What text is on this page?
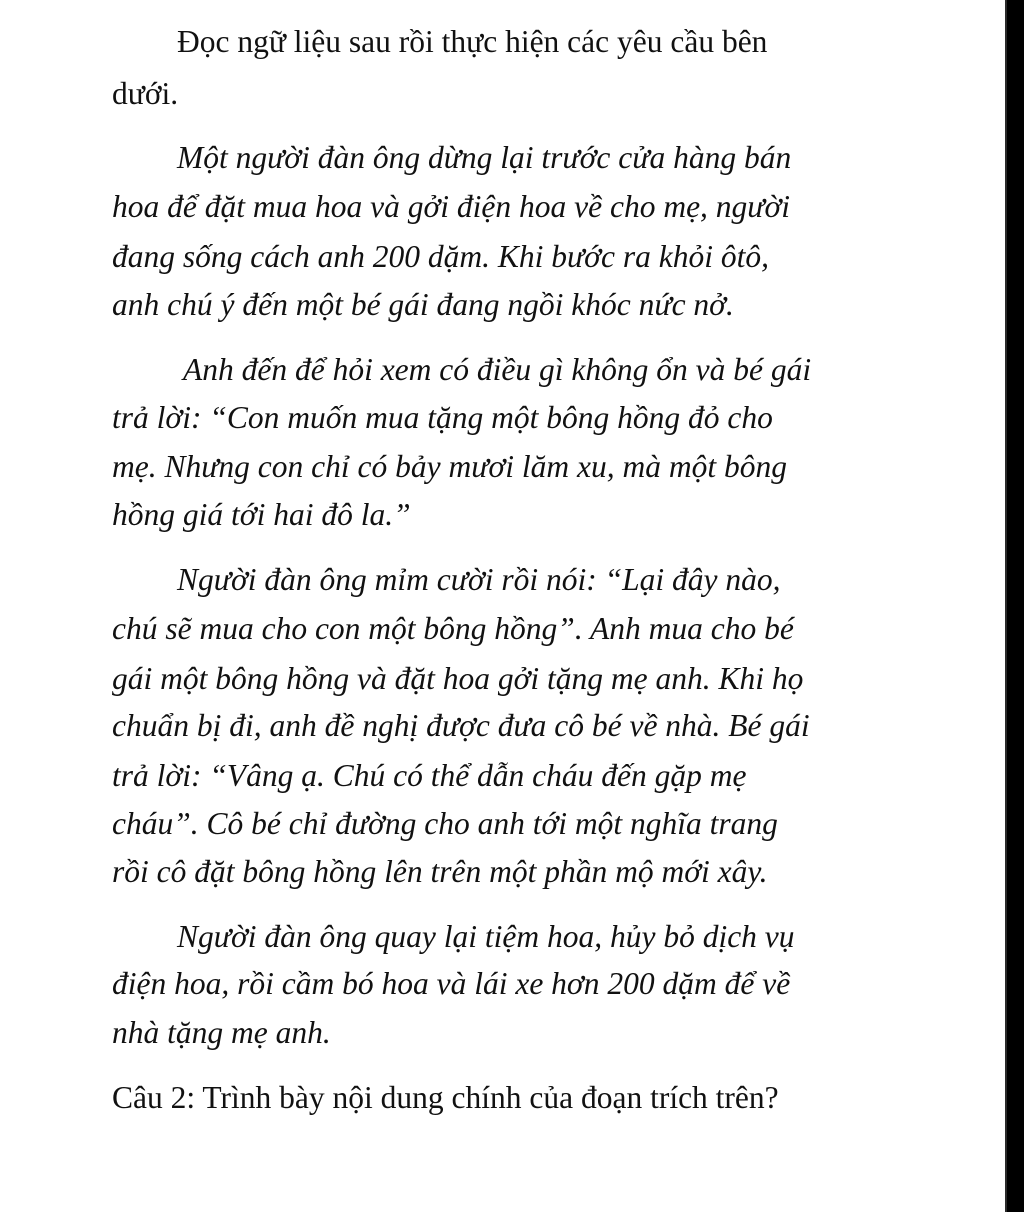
Đọc ngữ liệu sau rồi thực hiện các yêu cầu bên

dưới.

Một người đàn ông dừng lại trước cửa hàng bán

hoa để đặt mua hoa và gởi điện hoa về cho mẹ, người

đang sống cách anh 200 dặm. Khi bước ra khỏi ôtô,

anh chú ý đến một bé gái đang ngồi khóc nức nở.

Anh đến để hỏi xem có điều gì không ổn và bé gái

trả lời: “Con muốn mua tặng một bông hồng đỏ cho

mẹ. Nhưng con chỉ có bảy mươi lăm xu, mà một bông

hồng giá tới hai đô la.”

Người đàn ông mỉm cười rồi nói: “Lại đây nào,

chú sẽ mua cho con một bông hồng”. Anh mua cho bé

gái một bông hồng và đặt hoa gởi tặng mẹ anh. Khi họ

chuẩn bị đi, anh đề nghị được đưa cô bé về nhà. Bé gái

trả lời: “Vâng ạ. Chú có thể dẫn cháu đến gặp mẹ

cháu”. Cô bé chỉ đường cho anh tới một nghĩa trang

rồi cô đặt bông hồng lên trên một phần mộ mới xây.

Người đàn ông quay lại tiệm hoa, hủy bỏ dịch vụ

điện hoa, rồi cầm bó hoa và lái xe hơn 200 dặm để về

nhà tặng mẹ anh.

Câu 2: Trình bày nội dung chính của đoạn trích trên?
